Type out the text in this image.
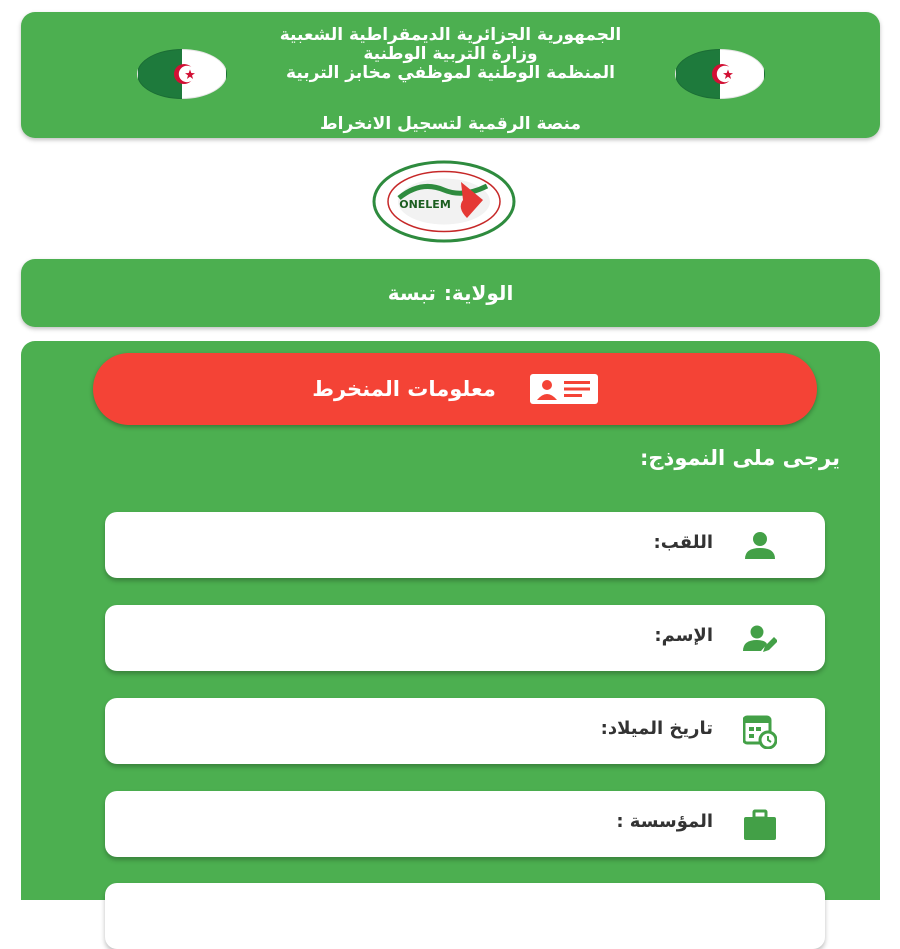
الجمهورية الجزائرية الديمقراطية الشعبية
وزارة التربية الوطنية
المنظمة الوطنية لموظفي مخابز التربية
منصة الرقمية لتسجيل الانخراط
ONELEM
الولاية:
تبسة
معلومات المنخرط
يرجى ملى النموذج:
اللقب:
الإسم:
تاريخ الميلاد:
المؤسسة :
